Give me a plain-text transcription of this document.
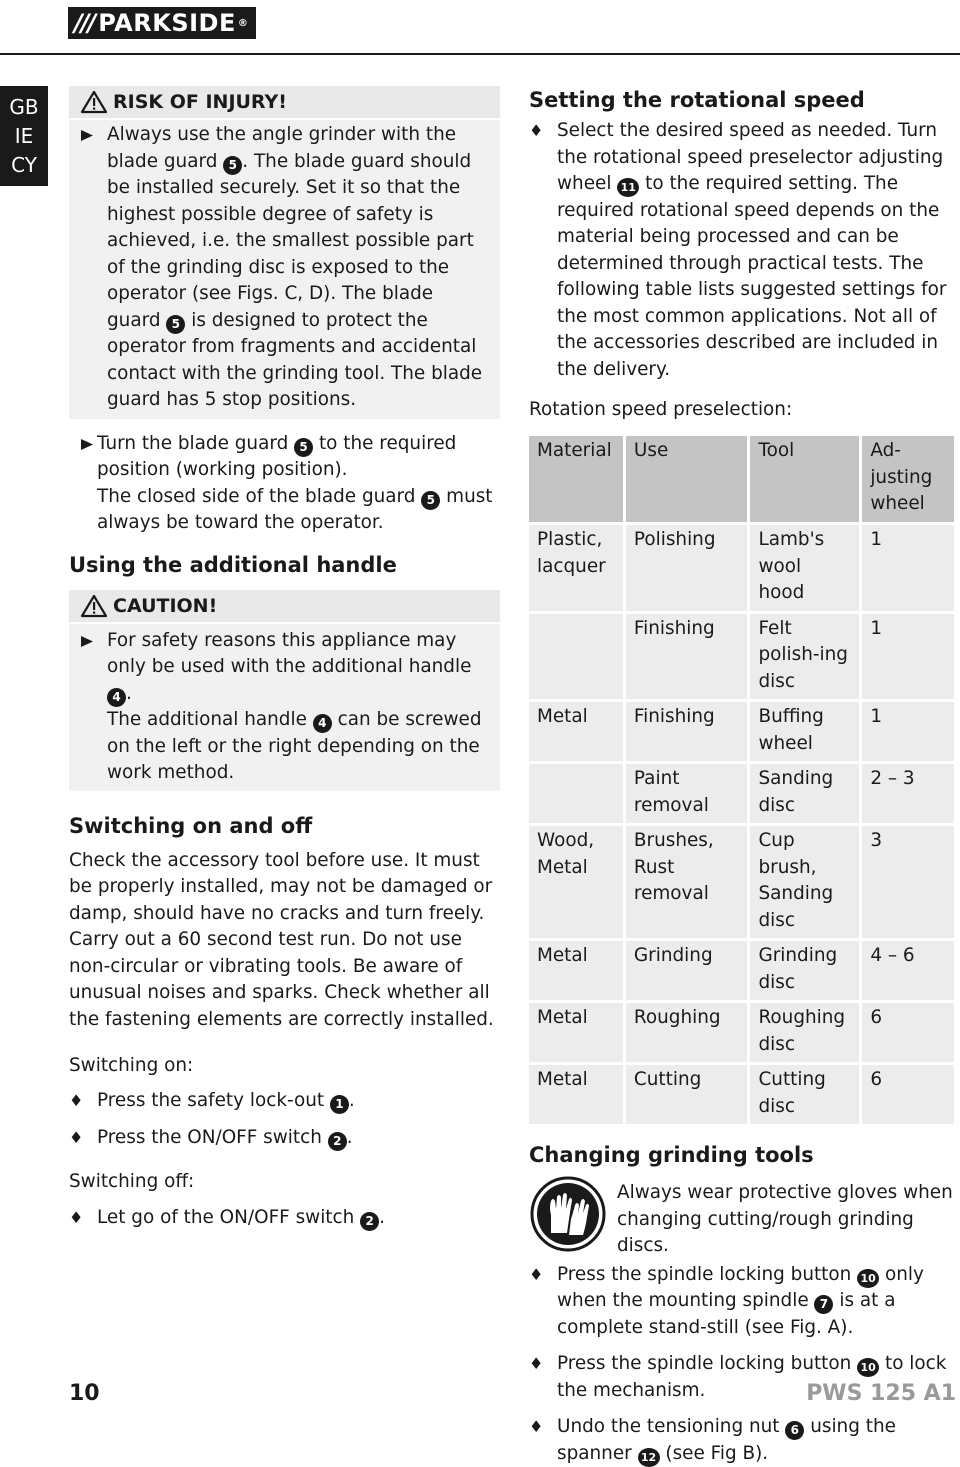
/// PARKSIDE ®
GB
IE
CY
RISK OF INJURY!

Always use the angle grinder with the blade guard 5 . The blade guard should be installed securely. Set it so that the highest possible degree of safety is achieved, i.e. the smallest possible part of the grinding disc is exposed to the operator (see Figs. C, D). The blade guard 5 is designed to protect the operator from fragments and accidental contact with the grinding tool. The blade guard has 5 stop positions.

Turn the blade guard 5 to the required position (working position).

The closed side of the blade guard 5 must always be toward the operator.

Using the additional handle
CAUTION!

For safety reasons this appliance may only be used with the additional handle 4 .

The additional handle 4 can be screwed on the left or the right depending on the work method.

Switching on and off

Check the accessory tool before use. It must be properly installed, may not be damaged or damp, should have no cracks and turn freely. Carry out a 60 second test run. Do not use non-circular or vibrating tools. Be aware of unusual noises and sparks. Check whether all the fastening elements are correctly installed.

Switching on:
♦ Press the safety lock-out 1 .
♦ Press the ON/OFF switch 2 .
Switching off:
♦ Let go of the ON/OFF switch 2 .
Setting the rotational speed
♦ Select the desired speed as needed. Turn the rotational speed preselector adjusting wheel 11 to the required setting. The required rotational speed depends on the material being processed and can be determined through practical tests. The following table lists suggested settings for the most common applications. Not all of the accessories described are included in the delivery.

Rotation speed preselection:
Material	Use	Tool	Ad-justing wheel
Plastic, lacquer	Polishing	Lamb's wool hood	1
	Finishing	Felt polish-ing disc	1
Metal	Finishing	Buffing wheel	1
	Paint removal	Sanding disc	2 – 3
Wood, Metal	Brushes, Rust removal	Cup brush, Sanding disc	3
Metal	Grinding	Grinding disc	4 – 6
Metal	Roughing	Roughing disc	6
Metal	Cutting	Cutting disc	6
Changing grinding tools

Always wear protective gloves when changing cutting/rough grinding discs.

♦ Press the spindle locking button 10 only when the mounting spindle 7 is at a complete stand-still (see Fig. A).

♦ Press the spindle locking button 10 to lock the mechanism.

♦ Undo the tensioning nut 6 using the spanner 12 (see Fig B).

10	PWS 125 A1
